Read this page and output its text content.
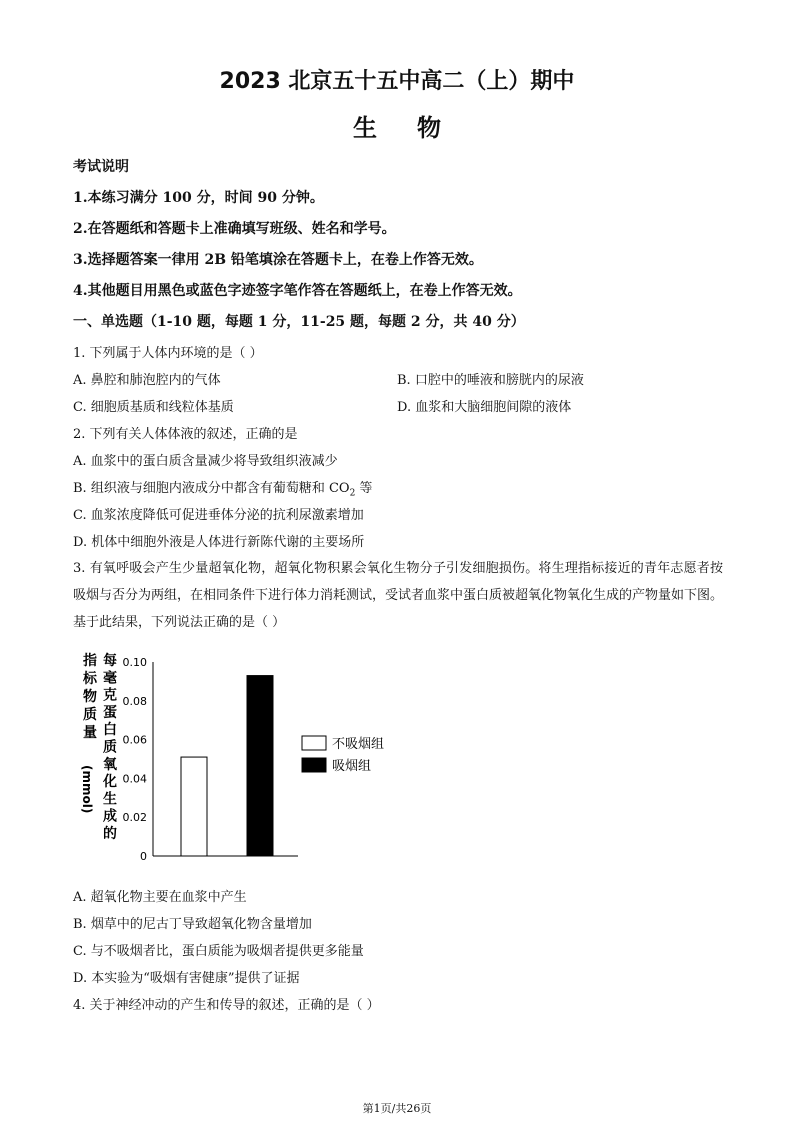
2023 北京五十五中高二（上）期中
生物
考试说明
1.本练习满分 100 分，时间 90 分钟。
2.在答题纸和答题卡上准确填写班级、姓名和学号。
3.选择题答案一律用 2B 铅笔填涂在答题卡上，在卷上作答无效。
4.其他题目用黑色或蓝色字迹签字笔作答在答题纸上，在卷上作答无效。
一、单选题（1-10 题，每题 1 分，11-25 题，每题 2 分，共 40 分）
1. 下列属于人体内环境的是（ ）
A. 鼻腔和肺泡腔内的气体	B. 口腔中的唾液和膀胱内的尿液
C. 细胞质基质和线粒体基质	D. 血浆和大脑细胞间隙的液体
2. 下列有关人体体液的叙述，正确的是
A. 血浆中的蛋白质含量减少将导致组织液减少
B. 组织液与细胞内液成分中都含有葡萄糖和 $CO_2$ 等
C. 血浆浓度降低可促进垂体分泌的抗利尿激素增加
D. 机体中细胞外液是人体进行新陈代谢的主要场所
3. 有氧呼吸会产生少量超氧化物，超氧化物积累会氧化生物分子引发细胞损伤。将生理指标接近的青年志愿者按吸烟与否分为两组，在相同条件下进行体力消耗测试，受试者血浆中蛋白质被超氧化物氧化生成的产物量如下图。基于此结果，下列说法正确的是（ ）
0
0.02
0.04
0.06
0.08
0.10
指
标
物
质
量
(mmol)
每
毫
克
蛋
白
质
氧
化
生
成
的
不吸烟组
吸烟组
A. 超氧化物主要在血浆中产生
B. 烟草中的尼古丁导致超氧化物含量增加
C. 与不吸烟者比，蛋白质能为吸烟者提供更多能量
D. 本实验为“吸烟有害健康”提供了证据
4. 关于神经冲动的产生和传导的叙述，正确的是（ ）
第1页/共26页
